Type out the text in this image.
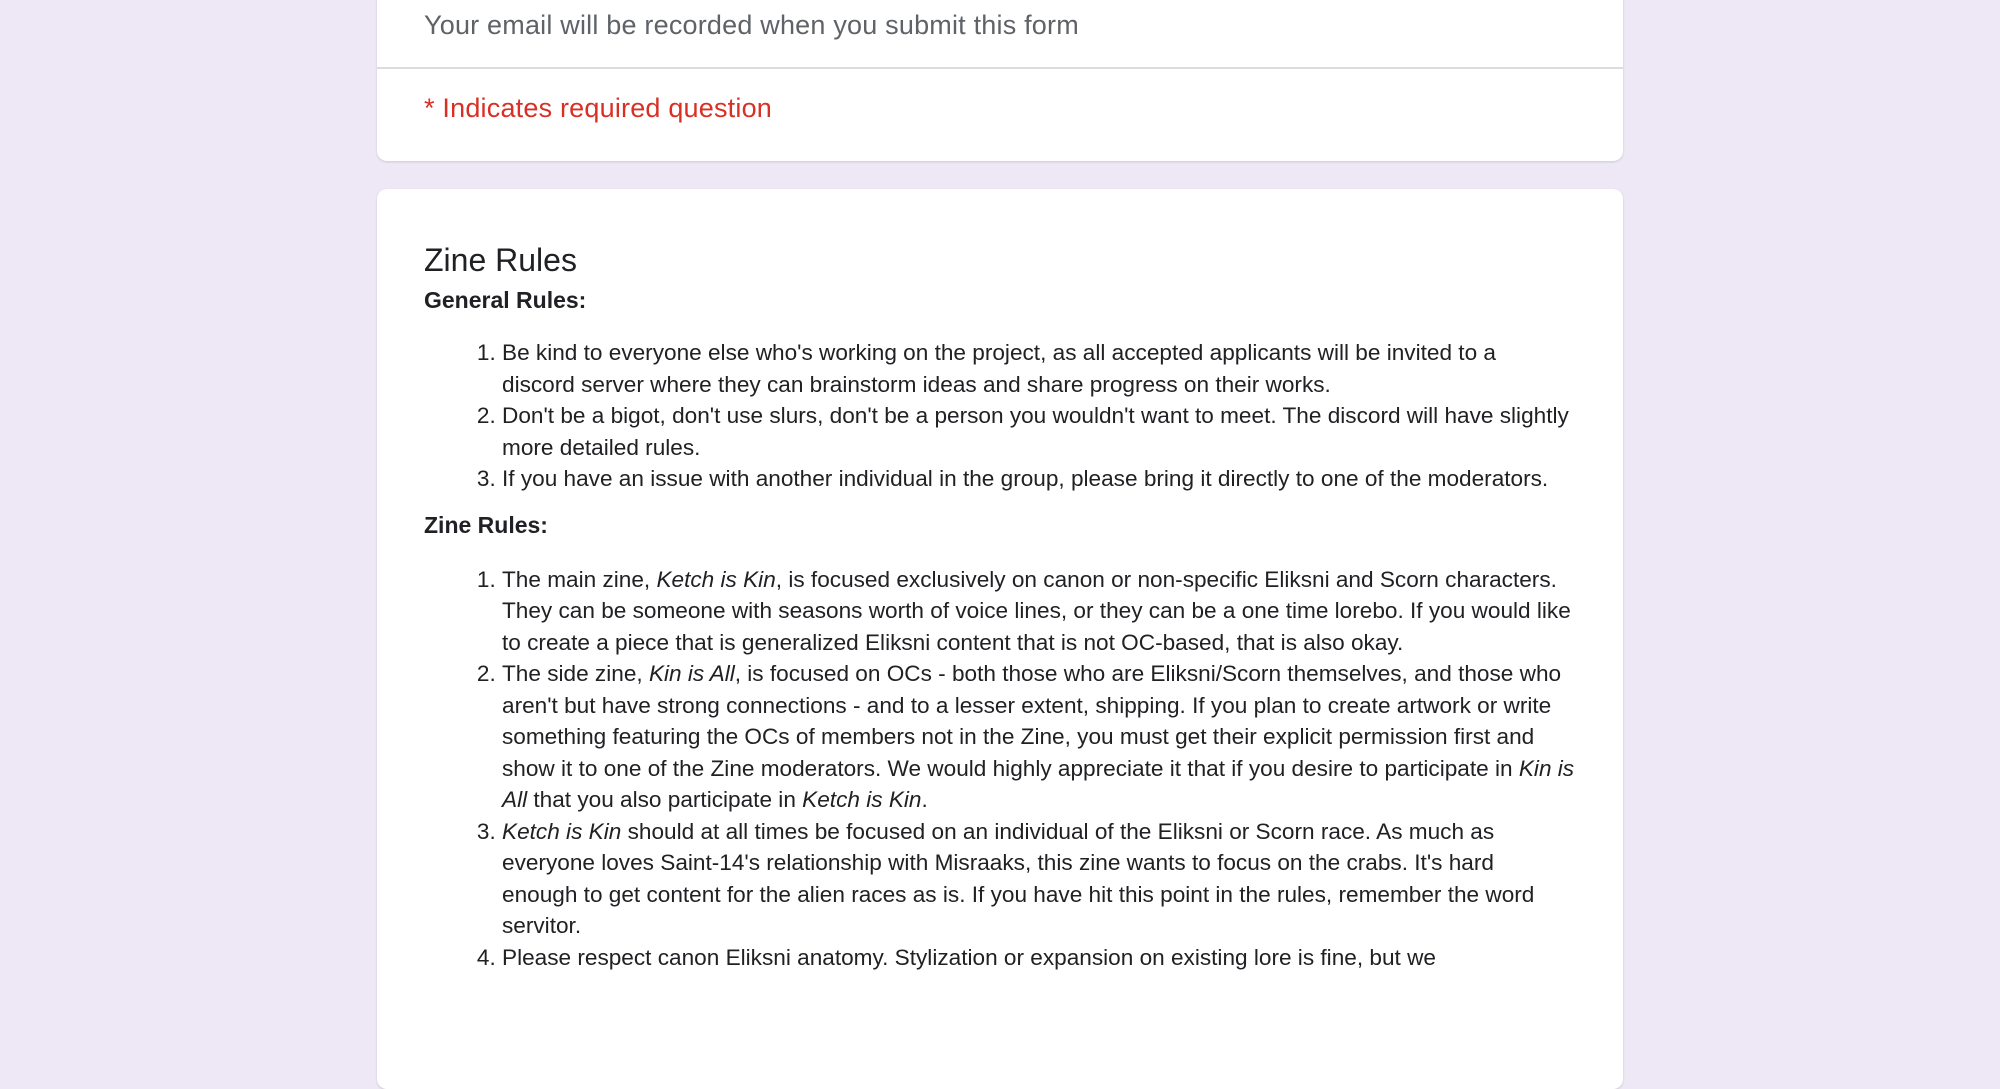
Your email will be recorded when you submit this form
* Indicates required question
Zine Rules
General Rules:
1. Be kind to everyone else who's working on the project, as all accepted applicants will be invited to a discord server where they can brainstorm ideas and share progress on their works.
2. Don't be a bigot, don't use slurs, don't be a person you wouldn't want to meet. The discord will have slightly more detailed rules.
3. If you have an issue with another individual in the group, please bring it directly to one of the moderators.
Zine Rules:
1. The main zine, Ketch is Kin, is focused exclusively on canon or non-specific Eliksni and Scorn characters. They can be someone with seasons worth of voice lines, or they can be a one time lorebo. If you would like to create a piece that is generalized Eliksni content that is not OC-based, that is also okay.
2. The side zine, Kin is All, is focused on OCs - both those who are Eliksni/Scorn themselves, and those who aren't but have strong connections - and to a lesser extent, shipping. If you plan to create artwork or write something featuring the OCs of members not in the Zine, you must get their explicit permission first and show it to one of the Zine moderators. We would highly appreciate it that if you desire to participate in Kin is All that you also participate in Ketch is Kin.
3. Ketch is Kin should at all times be focused on an individual of the Eliksni or Scorn race. As much as everyone loves Saint-14's relationship with Misraaks, this zine wants to focus on the crabs. It's hard enough to get content for the alien races as is. If you have hit this point in the rules, remember the word servitor.
4. Please respect canon Eliksni anatomy. Stylization or expansion on existing lore is fine, but we
